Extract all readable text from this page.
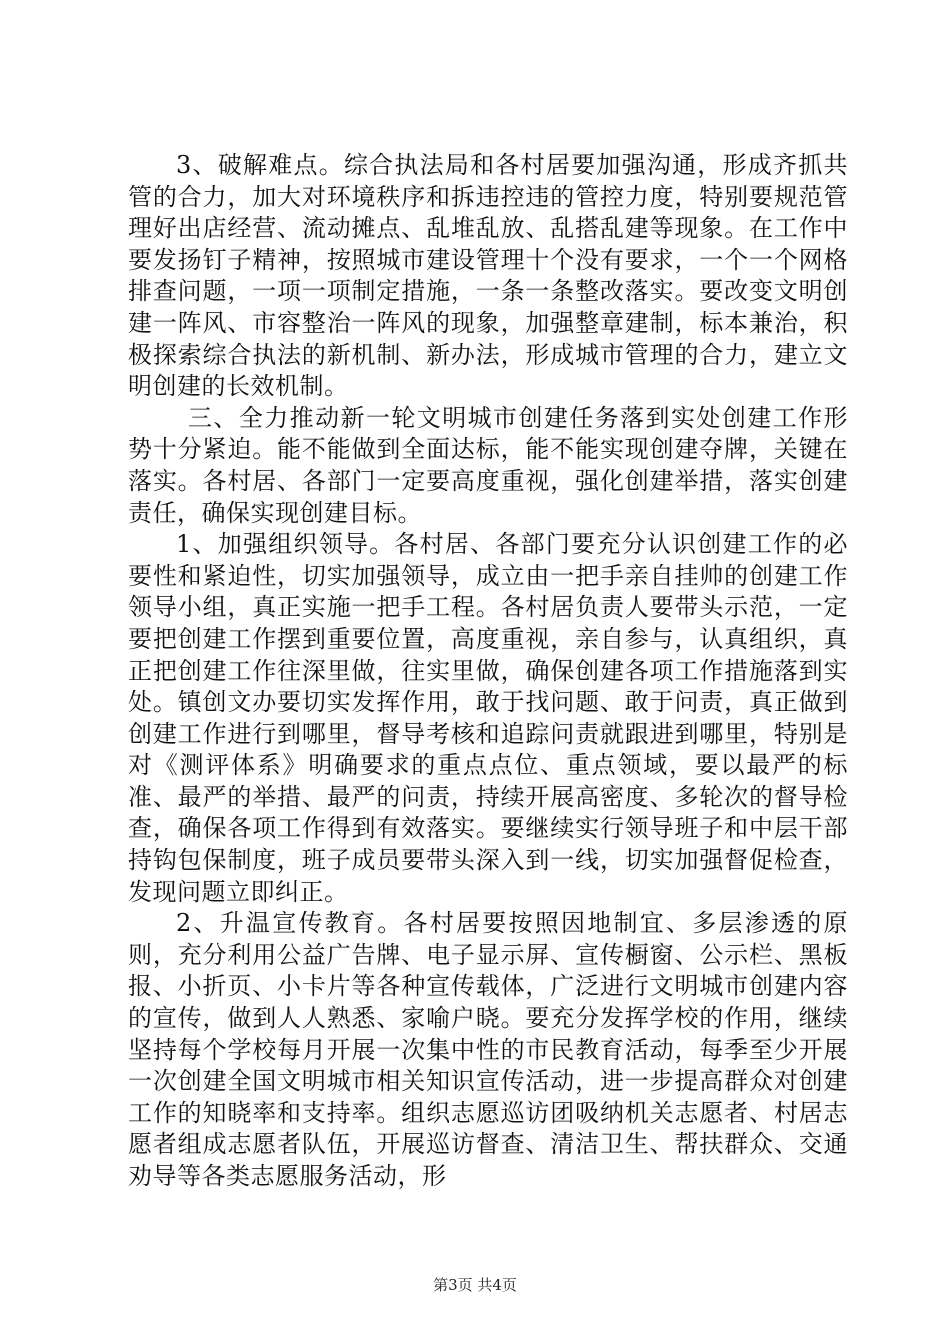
3、破解难点。综合执法局和各村居要加强沟通，形成齐抓共管的合力，加大对环境秩序和拆违控违的管控力度，特别要规范管理好出店经营、流动摊点、乱堆乱放、乱搭乱建等现象。在工作中要发扬钉子精神，按照城市建设管理十个没有要求，一个一个网格排查问题，一项一项制定措施，一条一条整改落实。要改变文明创建一阵风、市容整治一阵风的现象，加强整章建制，标本兼治，积极探索综合执法的新机制、新办法，形成城市管理的合力，建立文明创建的长效机制。

三、全力推动新一轮文明城市创建任务落到实处创建工作形势十分紧迫。能不能做到全面达标，能不能实现创建夺牌，关键在落实。各村居、各部门一定要高度重视，强化创建举措，落实创建责任，确保实现创建目标。

1、加强组织领导。各村居、各部门要充分认识创建工作的必要性和紧迫性，切实加强领导，成立由一把手亲自挂帅的创建工作领导小组，真正实施一把手工程。各村居负责人要带头示范，一定要把创建工作摆到重要位置，高度重视，亲自参与，认真组织，真正把创建工作往深里做，往实里做，确保创建各项工作措施落到实处。镇创文办要切实发挥作用，敢于找问题、敢于问责，真正做到创建工作进行到哪里，督导考核和追踪问责就跟进到哪里，特别是对《测评体系》明确要求的重点点位、重点领域，要以最严的标准、最严的举措、最严的问责，持续开展高密度、多轮次的督导检查，确保各项工作得到有效落实。要继续实行领导班子和中层干部持钩包保制度，班子成员要带头深入到一线，切实加强督促检查，发现问题立即纠正。

2、升温宣传教育。各村居要按照因地制宜、多层渗透的原则，充分利用公益广告牌、电子显示屏、宣传橱窗、公示栏、黑板报、小折页、小卡片等各种宣传载体，广泛进行文明城市创建内容的宣传，做到人人熟悉、家喻户晓。要充分发挥学校的作用，继续坚持每个学校每月开展一次集中性的市民教育活动，每季至少开展一次创建全国文明城市相关知识宣传活动，进一步提高群众对创建工作的知晓率和支持率。组织志愿巡访团吸纳机关志愿者、村居志愿者组成志愿者队伍，开展巡访督查、清洁卫生、帮扶群众、交通劝导等各类志愿服务活动，形

第3页 共4页
